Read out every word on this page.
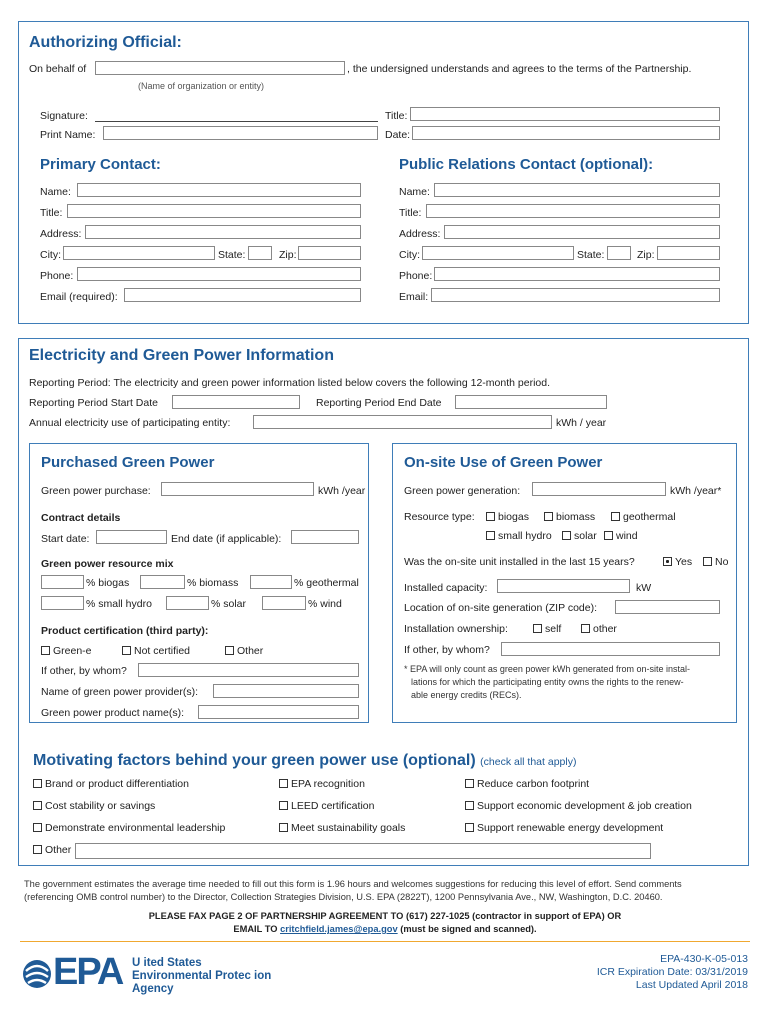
Authorizing Official:
On behalf of	, the undersigned understands and agrees to the terms of the Partnership.
(Name of organization or entity)
Signature:
Print Name:
Title:
Date:
Primary Contact:
Name:
Title:
Address:
City:	State:	Zip:
Phone:
Email (required):
Public Relations Contact (optional):
Name:
Title:
Address:
City:	State:	Zip:
Phone:
Email:
Electricity and Green Power Information
Reporting Period: The electricity and green power information listed below covers the following 12-month period.
Reporting Period Start Date	Reporting Period End Date
Annual electricity use of participating entity:	kWh / year
Purchased Green Power
Green power purchase:	kWh /year
Contract details
Start date:	End date (if applicable):
Green power resource mix
% biogas	% biomass	% geothermal
% small hydro	% solar	% wind
Product certification (third party):
Green-e	Not certified	Other
If other, by whom?
Name of green power provider(s):
Green power product name(s):
On-site Use of Green Power
Green power generation:	kWh /year*
Resource type:	biogas	biomass	geothermal
small hydro	solar	wind
Was the on-site unit installed in the last 15 years?	Yes	No
Installed capacity:	kW
Location of on-site generation (ZIP code):
Installation ownership:	self	other
If other, by whom?
* EPA will only count as green power kWh generated from on-site instal-
lations for which the participating entity owns the rights to the renew-
able energy credits (RECs).
Motivating factors behind your green power use (optional) (check all that apply)
Brand or product differentiation	EPA recognition	Reduce carbon footprint
Cost stability or savings	LEED certification	Support economic development & job creation
Demonstrate environmental leadership	Meet sustainability goals	Support renewable energy development
Other
The government estimates the average time needed to fill out this form is 1.96 hours and welcomes suggestions for reducing this level of effort. Send comments
(referencing OMB control number) to the Director, Collection Strategies Division, U.S. EPA (2822T), 1200 Pennsylvania Ave., NW, Washington, D.C. 20460.
PLEASE FAX PAGE 2 OF PARTNERSHIP AGREEMENT TO (617) 227-1025 (contractor in support of EPA) OR
EMAIL TO critchfield.james@epa.gov (must be signed and scanned).
EPA U ited States
Environmental Protec ion
Agency
EPA-430-K-05-013
ICR Expiration Date: 03/31/2019
Last Updated April 2018
